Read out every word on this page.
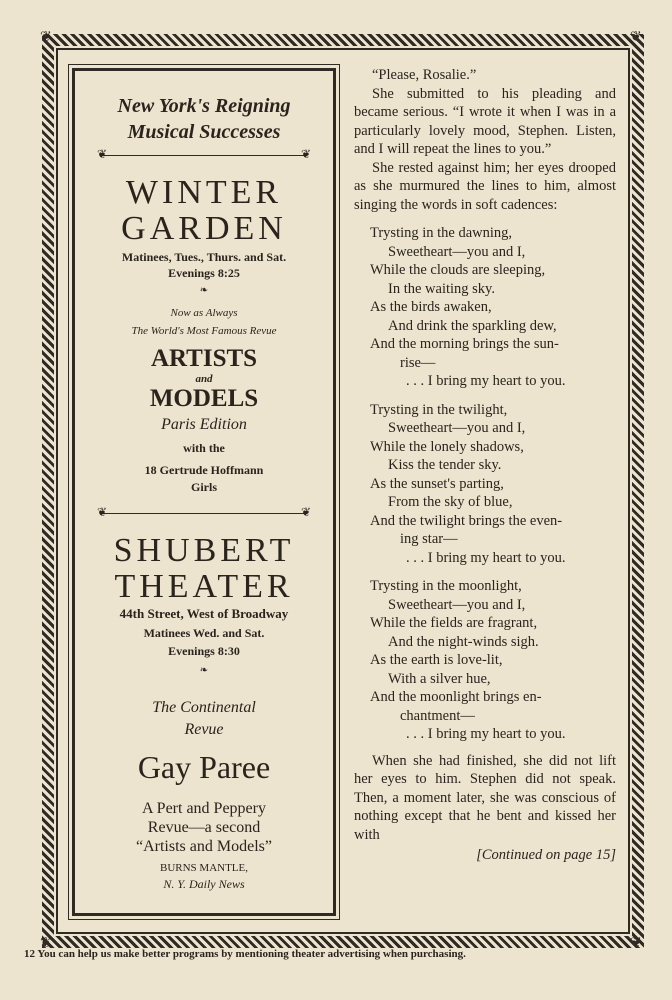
❦	❦
❦	❦
New York's Reigning
Musical Successes
❦ ❦
WINTER
GARDEN
Matinees, Tues., Thurs. and Sat.
Evenings 8:25
❧
Now as Always
The World's Most Famous Revue
ARTISTS
and
MODELS
Paris Edition
with the
18 Gertrude Hoffmann
Girls
❦ ❦
SHUBERT
THEATER
44th Street, West of Broadway
Matinees Wed. and Sat.
Evenings 8:30
❧
The Continental
Revue
Gay Paree
A Pert and Peppery
Revue—a second
“Artists and Models”
BURNS MANTLE,
N. Y. Daily News

“Please, Rosalie.”

She submitted to his pleading and became serious. “I wrote it when I was in a particularly lovely mood, Stephen. Listen, and I will repeat the lines to you.”

She rested against him; her eyes drooped as she murmured the lines to him, almost singing the words in soft cadences:

Trysting in the dawning,
Sweetheart—you and I,
While the clouds are sleeping,
In the waiting sky.
As the birds awaken,
And drink the sparkling dew,
And the morning brings the sun-
rise—
. . . I bring my heart to you.
Trysting in the twilight,
Sweetheart—you and I,
While the lonely shadows,
Kiss the tender sky.
As the sunset's parting,
From the sky of blue,
And the twilight brings the even-
ing star—
. . . I bring my heart to you.
Trysting in the moonlight,
Sweetheart—you and I,
While the fields are fragrant,
And the night-winds sigh.
As the earth is love-lit,
With a silver hue,
And the moonlight brings en-
chantment—
. . . I bring my heart to you.

When she had finished, she did not lift her eyes to him. Stephen did not speak. Then, a moment later, she was conscious of nothing except that he bent and kissed her with

[Continued on page 15]
12 You can help us make better programs by mentioning theater advertising when purchasing.
